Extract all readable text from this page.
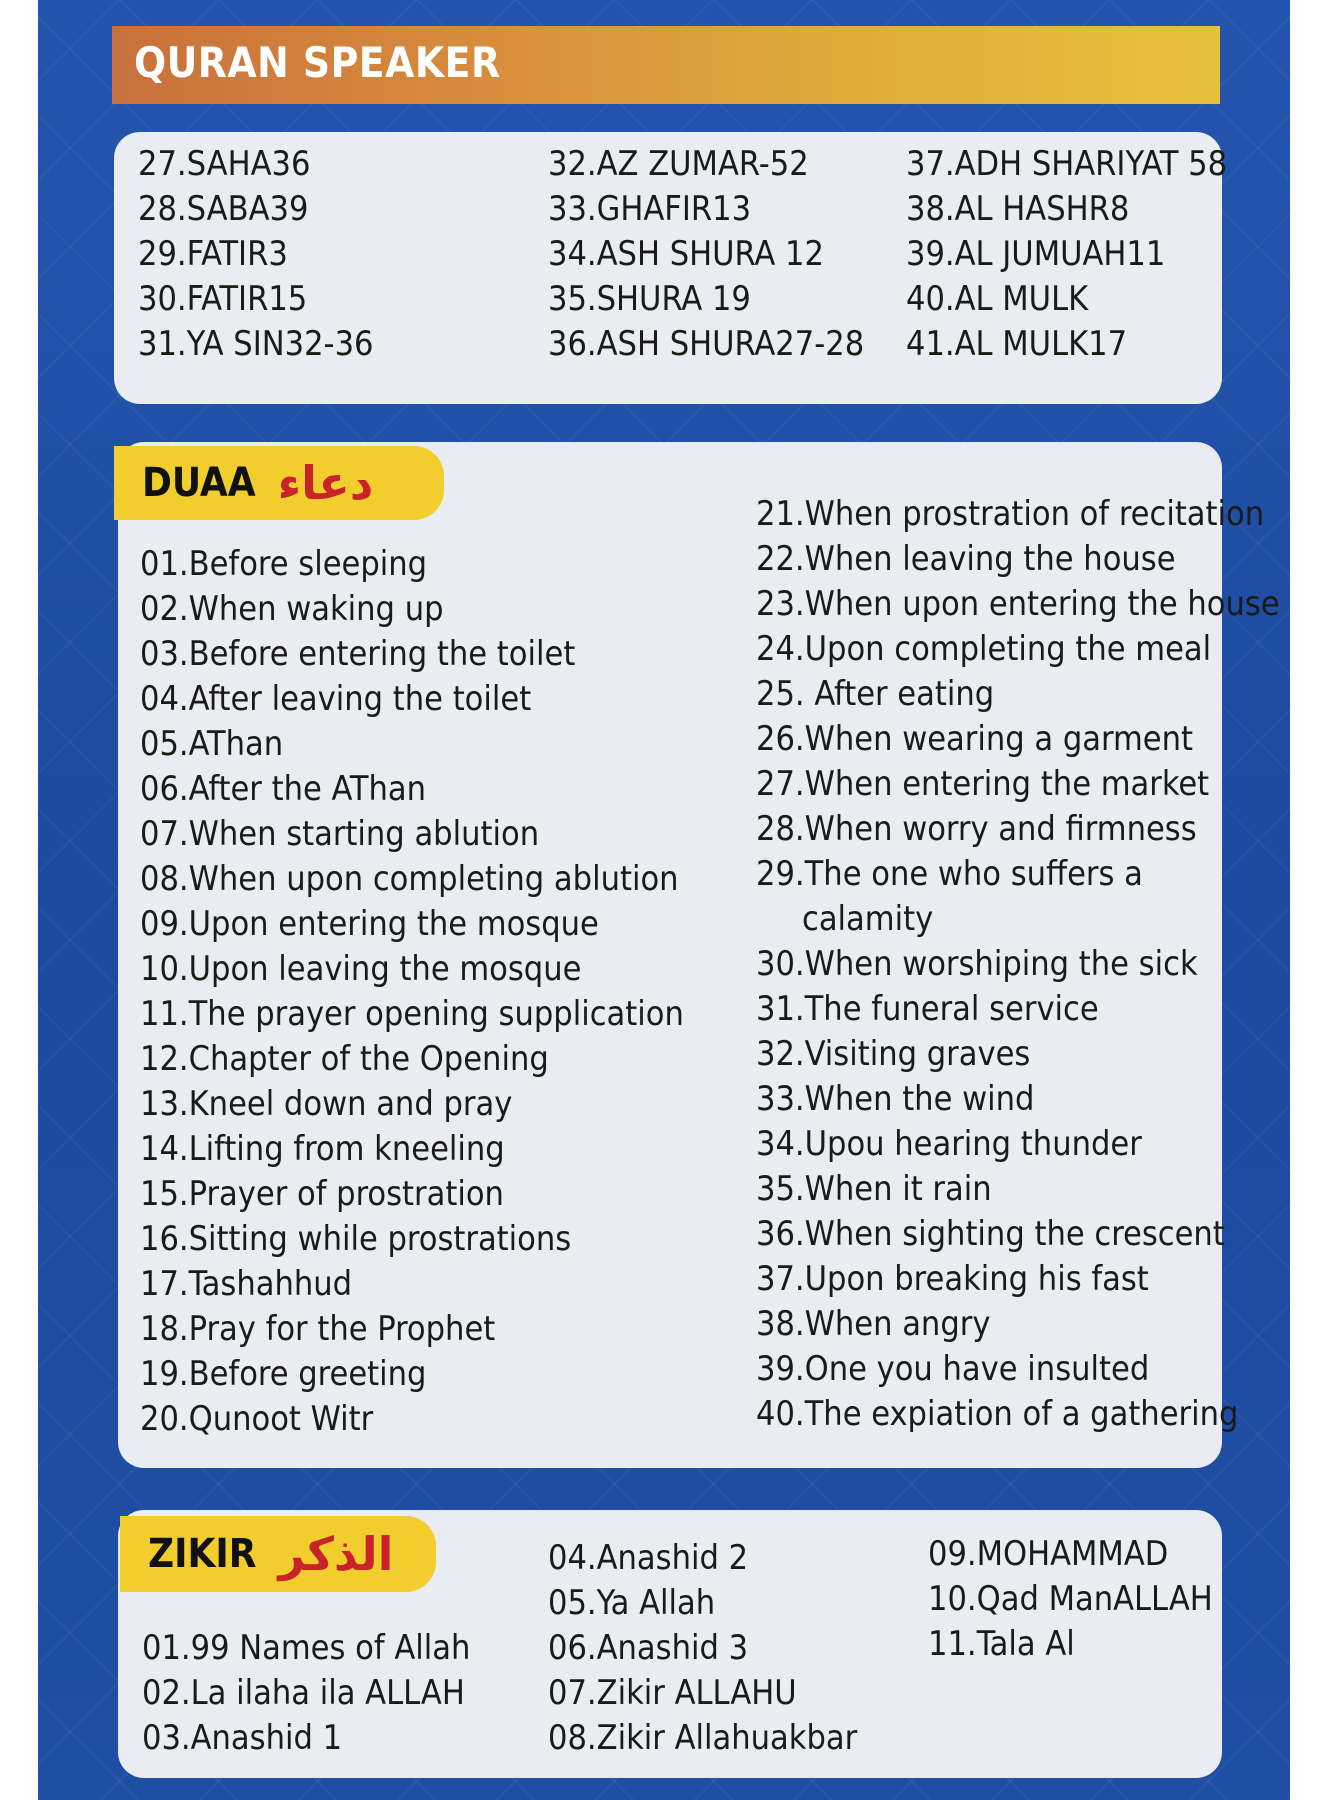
QURAN SPEAKER
27.SAHA36
28.SABA39
29.FATIR3
30.FATIR15
31.YA SIN32-36
32.AZ ZUMAR-52
33.GHAFIR13
34.ASH SHURA 12
35.SHURA 19
36.ASH SHURA27-28
37.ADH SHARIYAT 58
38.AL HASHR8
39.AL JUMUAH11
40.AL MULK
41.AL MULK17
01.Before sleeping
02.When waking up
03.Before entering the toilet
04.After leaving the toilet
05.AThan
06.After the AThan
07.When starting ablution
08.When upon completing ablution
09.Upon entering the mosque
10.Upon leaving the mosque
11.The prayer opening supplication
12.Chapter of the Opening
13.Kneel down and pray
14.Lifting from kneeling
15.Prayer of prostration
16.Sitting while prostrations
17.Tashahhud
18.Pray for the Prophet
19.Before greeting
20.Qunoot Witr
21.When prostration of recitation
22.When leaving the house
23.When upon entering the house
24.Upon completing the meal
25. After eating
26.When wearing a garment
27.When entering the market
28.When worry and firmness
29.The one who suffers a
calamity
30.When worshiping the sick
31.The funeral service
32.Visiting graves
33.When the wind
34.Upou hearing thunder
35.When it rain
36.When sighting the crescent
37.Upon breaking his fast
38.When angry
39.One you have insulted
40.The expiation of a gathering
DUAA دعاء
01.99 Names of Allah
02.La ilaha ila ALLAH
03.Anashid 1
04.Anashid 2
05.Ya Allah
06.Anashid 3
07.Zikir ALLAHU
08.Zikir Allahuakbar
09.MOHAMMAD
10.Qad ManALLAH
11.Tala Al
ZIKIR الذكر
